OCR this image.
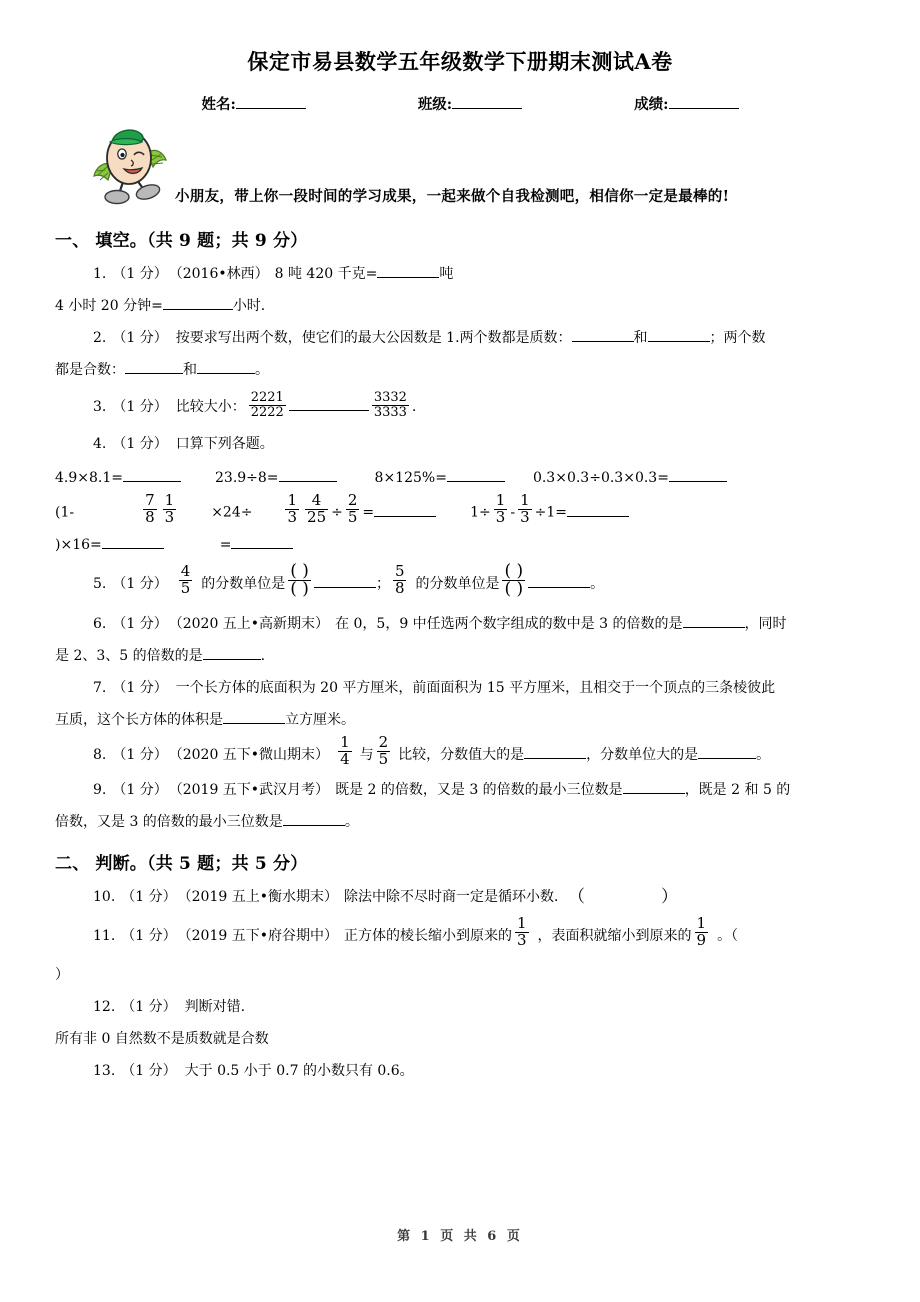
保定市易县数学五年级数学下册期末测试A卷
姓名:	班级:	成绩:
小朋友，带上你一段时间的学习成果，一起来做个自我检测吧，相信你一定是最棒的!
一、 填空。（共 9 题；共 9 分）
1. （1 分） （2016•林西） 8 吨 420 千克=	吨
4 小时 20 分钟=	小时.
2. （1 分） 按要求写出两个数，使它们的最大公因数是 1.两个数都是质数：	和	；两个数
都是合数：	和	。
3. （1 分） 比较大小： $\frac{2221}{2222}$	$\frac{3332}{3333}$ .
4. （1 分） 口算下列各题。
4.9×8.1=	23.9÷8=	8×125%=	0.3×0.3÷0.3×0.3=
(1-	$\frac{7}{8} \frac{1}{3}$	$\times 24\div \frac{1}{3} \frac{4}{25} \div \frac{2}{5}$ =	$1\div \frac{1}{3} - \frac{1}{3} \div 1=$
)×16=	=
5. （1 分） $\frac{4}{5}$ 的分数单位是 $\frac{( )}{( )}$	； $\frac{5}{8}$ 的分数单位是 $\frac{( )}{( )}$	。
6. （1 分） （2020 五上•高新期末） 在 0，5，9 中任选两个数字组成的数中是 3 的倍数的是	，同时
是 2、3、5 的倍数的是	.
7. （1 分） 一个长方体的底面积为 20 平方厘米，前面面积为 15 平方厘米，且相交于一个顶点的三条棱彼此
互质，这个长方体的体积是	立方厘米。
8. （1 分） （2020 五下•微山期末） $\frac{1}{4}$ 与 $\frac{2}{5}$ 比较，分数值大的是	，分数单位大的是	。
9. （1 分） （2019 五下•武汉月考） 既是 2 的倍数，又是 3 的倍数的最小三位数是	，既是 2 和 5 的
倍数，又是 3 的倍数的最小三位数是	。
二、 判断。（共 5 题；共 5 分）
10. （1 分） （2019 五上•衡水期末） 除法中除不尽时商一定是循环小数．（　　）
11. （1 分） （2019 五下•府谷期中） 正方体的棱长缩小到原来的 $\frac{1}{3}$ ，表面积就缩小到原来的 $\frac{1}{9}$ 。（
）
12. （1 分） 判断对错.
所有非 0 自然数不是质数就是合数
13. （1 分） 大于 0.5 小于 0.7 的小数只有 0.6。
第 1 页 共 6 页
